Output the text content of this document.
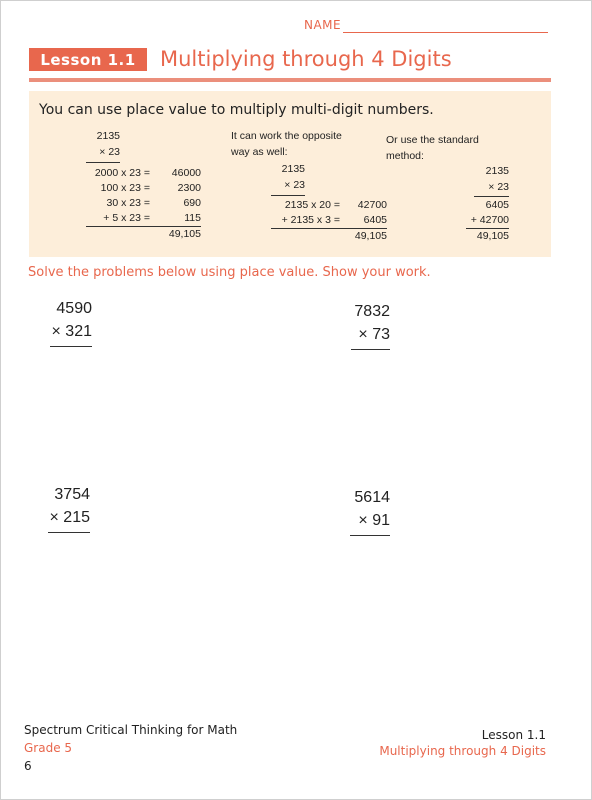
NAME
Lesson 1.1	Multiplying through 4 Digits
You can use place value to multiply multi-digit numbers.
2135
× 23
2000 x 23 =	46000
100 x 23 =	2300
30 x 23 =	690
+ 5 x 23 =	115
49,105
It can work the opposite
way as well:
2135
× 23
2135 x 20 =	42700
+ 2135 x 3 =	6405
49,105
Or use the standard
method:
2135
× 23
6405
+ 42700
49,105
Solve the problems below using place value. Show your work.
4590
× 321
7832
× 73
3754
× 215
5614
× 91
Spectrum Critical Thinking for Math
Grade 5
6
Lesson 1.1
Multiplying through 4 Digits
